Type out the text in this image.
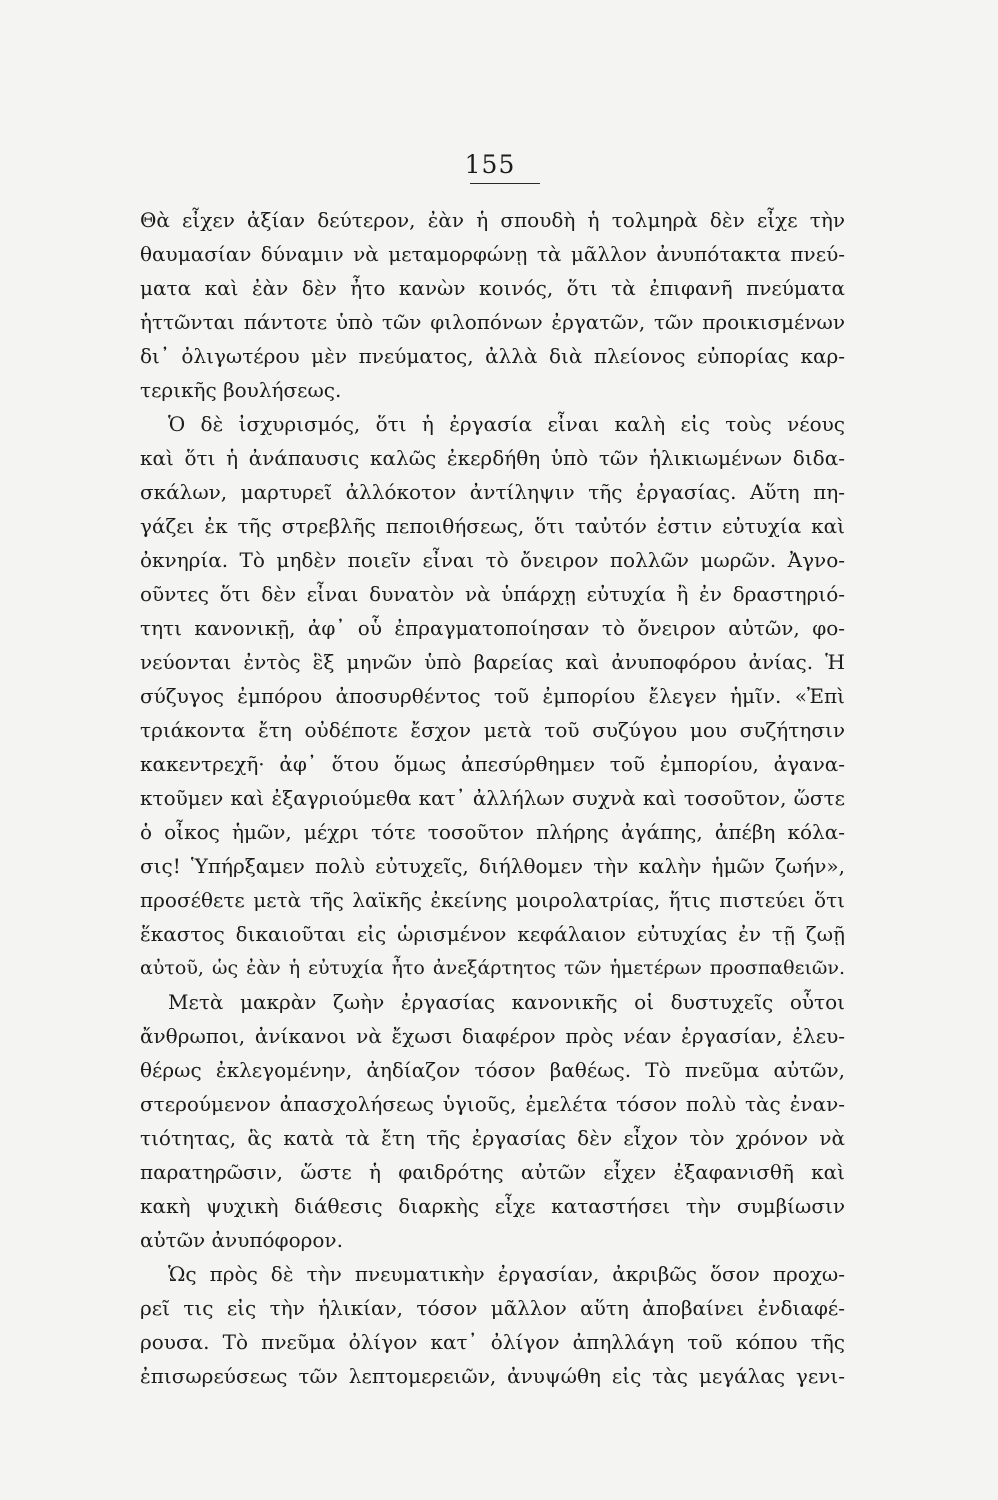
155
Θὰ εἶχεν ἀξίαν δεύτερον, ἐὰν ἡ σπουδὴ ἡ τολμηρὰ δὲν εἶχε τὴν
θαυμασίαν δύναμιν νὰ μεταμορφώνῃ τὰ μᾶλλον ἀνυπότακτα πνεύ-
ματα καὶ ἐὰν δὲν ἦτο κανὼν κοινός, ὅτι τὰ ἐπιφανῆ πνεύματα
ἡττῶνται πάντοτε ὑπὸ τῶν φιλοπόνων ἐργατῶν, τῶν προικισμένων
δι᾽ ὀλιγωτέρου μὲν πνεύματος, ἀλλὰ διὰ πλείονος εὐπορίας καρ-
τερικῆς βουλήσεως.
Ὁ δὲ ἰσχυρισμός, ὅτι ἡ ἐργασία εἶναι καλὴ εἰς τοὺς νέους
καὶ ὅτι ἡ ἀνάπαυσις καλῶς ἐκερδήθη ὑπὸ τῶν ἡλικιωμένων διδα-
σκάλων, μαρτυρεῖ ἀλλόκοτον ἀντίληψιν τῆς ἐργασίας. Αὕτη πη-
γάζει ἐκ τῆς στρεβλῆς πεποιθήσεως, ὅτι ταὐτόν ἐστιν εὐτυχία καὶ
ὀκνηρία. Τὸ μηδὲν ποιεῖν εἶναι τὸ ὄνειρον πολλῶν μωρῶν. Ἀγνο-
οῦντες ὅτι δὲν εἶναι δυνατὸν νὰ ὑπάρχῃ εὐτυχία ἢ ἐν δραστηριό-
τητι κανονικῇ, ἀφ᾽ οὗ ἐπραγματοποίησαν τὸ ὄνειρον αὐτῶν, φο-
νεύονται ἐντὸς ἓξ μηνῶν ὑπὸ βαρείας καὶ ἀνυποφόρου ἀνίας. Ἡ
σύζυγος ἐμπόρου ἀποσυρθέντος τοῦ ἐμπορίου ἔλεγεν ἡμῖν. «Ἐπὶ
τριάκοντα ἔτη οὐδέποτε ἔσχον μετὰ τοῦ συζύγου μου συζήτησιν
κακεντρεχῆ· ἀφ᾽ ὅτου ὅμως ἀπεσύρθημεν τοῦ ἐμπορίου, ἀγανα-
κτοῦμεν καὶ ἐξαγριούμεθα κατ᾽ ἀλλήλων συχνὰ καὶ τοσοῦτον, ὥστε
ὁ οἶκος ἡμῶν, μέχρι τότε τοσοῦτον πλήρης ἀγάπης, ἀπέβη κόλα-
σις! Ὑπήρξαμεν πολὺ εὐτυχεῖς, διήλθομεν τὴν καλὴν ἡμῶν ζωήν»,
προσέθετε μετὰ τῆς λαϊκῆς ἐκείνης μοιρολατρίας, ἥτις πιστεύει ὅτι
ἕκαστος δικαιοῦται εἰς ὡρισμένον κεφάλαιον εὐτυχίας ἐν τῇ ζωῇ
αὐτοῦ, ὡς ἐὰν ἡ εὐτυχία ἦτο ἀνεξάρτητος τῶν ἡμετέρων προσπαθειῶν.
Μετὰ μακρὰν ζωὴν ἐργασίας κανονικῆς οἱ δυστυχεῖς οὗτοι
ἄνθρωποι, ἀνίκανοι νὰ ἔχωσι διαφέρον πρὸς νέαν ἐργασίαν, ἐλευ-
θέρως ἐκλεγομένην, ἀηδίαζον τόσον βαθέως. Τὸ πνεῦμα αὐτῶν,
στερούμενον ἀπασχολήσεως ὑγιοῦς, ἐμελέτα τόσον πολὺ τὰς ἐναν-
τιότητας, ἃς κατὰ τὰ ἔτη τῆς ἐργασίας δὲν εἶχον τὸν χρόνον νὰ
παρατηρῶσιν, ὥστε ἡ φαιδρότης αὐτῶν εἶχεν ἐξαφανισθῆ καὶ
κακὴ ψυχικὴ διάθεσις διαρκὴς εἶχε καταστήσει τὴν συμβίωσιν
αὐτῶν ἀνυπόφορον.
Ὡς πρὸς δὲ τὴν πνευματικὴν ἐργασίαν, ἀκριβῶς ὅσον προχω-
ρεῖ τις εἰς τὴν ἡλικίαν, τόσον μᾶλλον αὕτη ἀποβαίνει ἐνδιαφέ-
ρουσα. Τὸ πνεῦμα ὀλίγον κατ᾽ ὀλίγον ἀπηλλάγη τοῦ κόπου τῆς
ἐπισωρεύσεως τῶν λεπτομερειῶν, ἀνυψώθη εἰς τὰς μεγάλας γενι-
